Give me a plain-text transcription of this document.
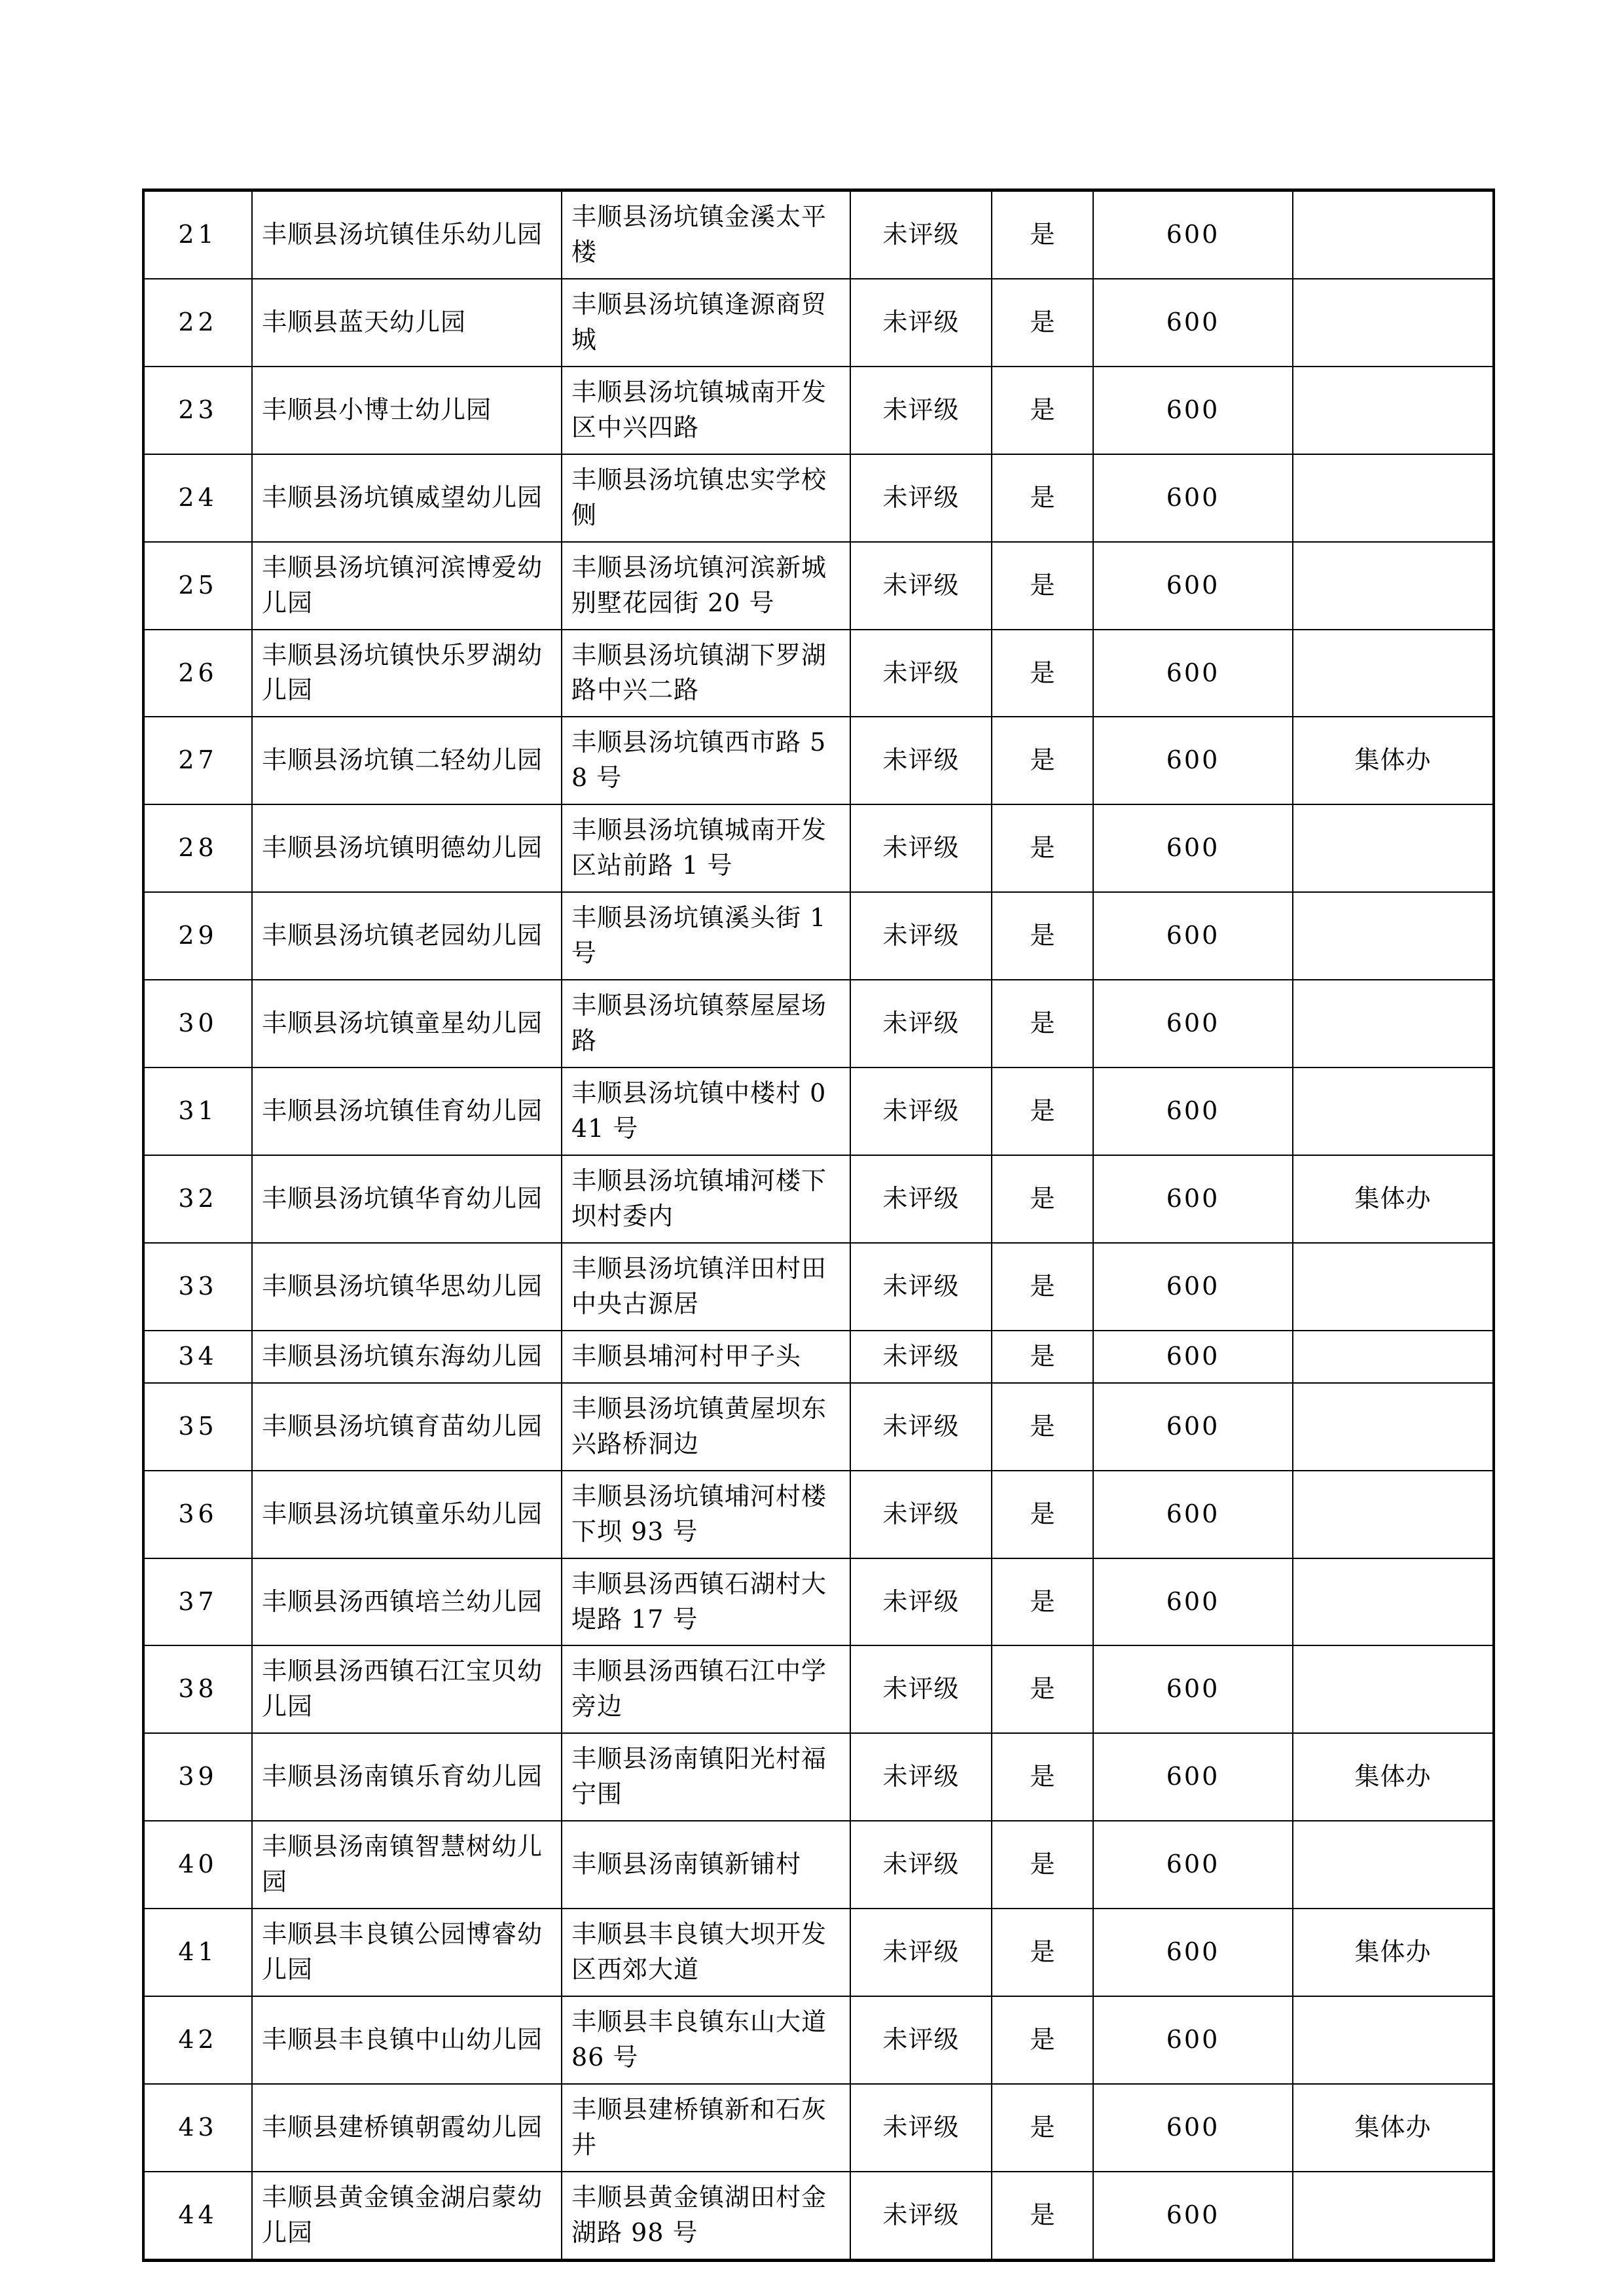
21	丰顺县汤坑镇佳乐幼儿园	丰顺县汤坑镇金溪太平楼	未评级	是	600	
22	丰顺县蓝天幼儿园	丰顺县汤坑镇逢源商贸城	未评级	是	600	
23	丰顺县小博士幼儿园	丰顺县汤坑镇城南开发区中兴四路	未评级	是	600	
24	丰顺县汤坑镇威望幼儿园	丰顺县汤坑镇忠实学校侧	未评级	是	600	
25	丰顺县汤坑镇河滨博爱幼儿园	丰顺县汤坑镇河滨新城别墅花园街 20 号	未评级	是	600	
26	丰顺县汤坑镇快乐罗湖幼儿园	丰顺县汤坑镇湖下罗湖路中兴二路	未评级	是	600	
27	丰顺县汤坑镇二轻幼儿园	丰顺县汤坑镇西市路 58 号	未评级	是	600	集体办
28	丰顺县汤坑镇明德幼儿园	丰顺县汤坑镇城南开发区站前路 1 号	未评级	是	600	
29	丰顺县汤坑镇老园幼儿园	丰顺县汤坑镇溪头街 1 号	未评级	是	600	
30	丰顺县汤坑镇童星幼儿园	丰顺县汤坑镇蔡屋屋场路	未评级	是	600	
31	丰顺县汤坑镇佳育幼儿园	丰顺县汤坑镇中楼村 041 号	未评级	是	600	
32	丰顺县汤坑镇华育幼儿园	丰顺县汤坑镇埔河楼下坝村委内	未评级	是	600	集体办
33	丰顺县汤坑镇华思幼儿园	丰顺县汤坑镇洋田村田中央古源居	未评级	是	600	
34	丰顺县汤坑镇东海幼儿园	丰顺县埔河村甲子头	未评级	是	600	
35	丰顺县汤坑镇育苗幼儿园	丰顺县汤坑镇黄屋坝东兴路桥洞边	未评级	是	600	
36	丰顺县汤坑镇童乐幼儿园	丰顺县汤坑镇埔河村楼下坝 93 号	未评级	是	600	
37	丰顺县汤西镇培兰幼儿园	丰顺县汤西镇石湖村大堤路 17 号	未评级	是	600	
38	丰顺县汤西镇石江宝贝幼儿园	丰顺县汤西镇石江中学旁边	未评级	是	600	
39	丰顺县汤南镇乐育幼儿园	丰顺县汤南镇阳光村福宁围	未评级	是	600	集体办
40	丰顺县汤南镇智慧树幼儿园	丰顺县汤南镇新铺村	未评级	是	600	
41	丰顺县丰良镇公园博睿幼儿园	丰顺县丰良镇大坝开发区西郊大道	未评级	是	600	集体办
42	丰顺县丰良镇中山幼儿园	丰顺县丰良镇东山大道 86 号	未评级	是	600	
43	丰顺县建桥镇朝霞幼儿园	丰顺县建桥镇新和石灰井	未评级	是	600	集体办
44	丰顺县黄金镇金湖启蒙幼儿园	丰顺县黄金镇湖田村金湖路 98 号	未评级	是	600	
